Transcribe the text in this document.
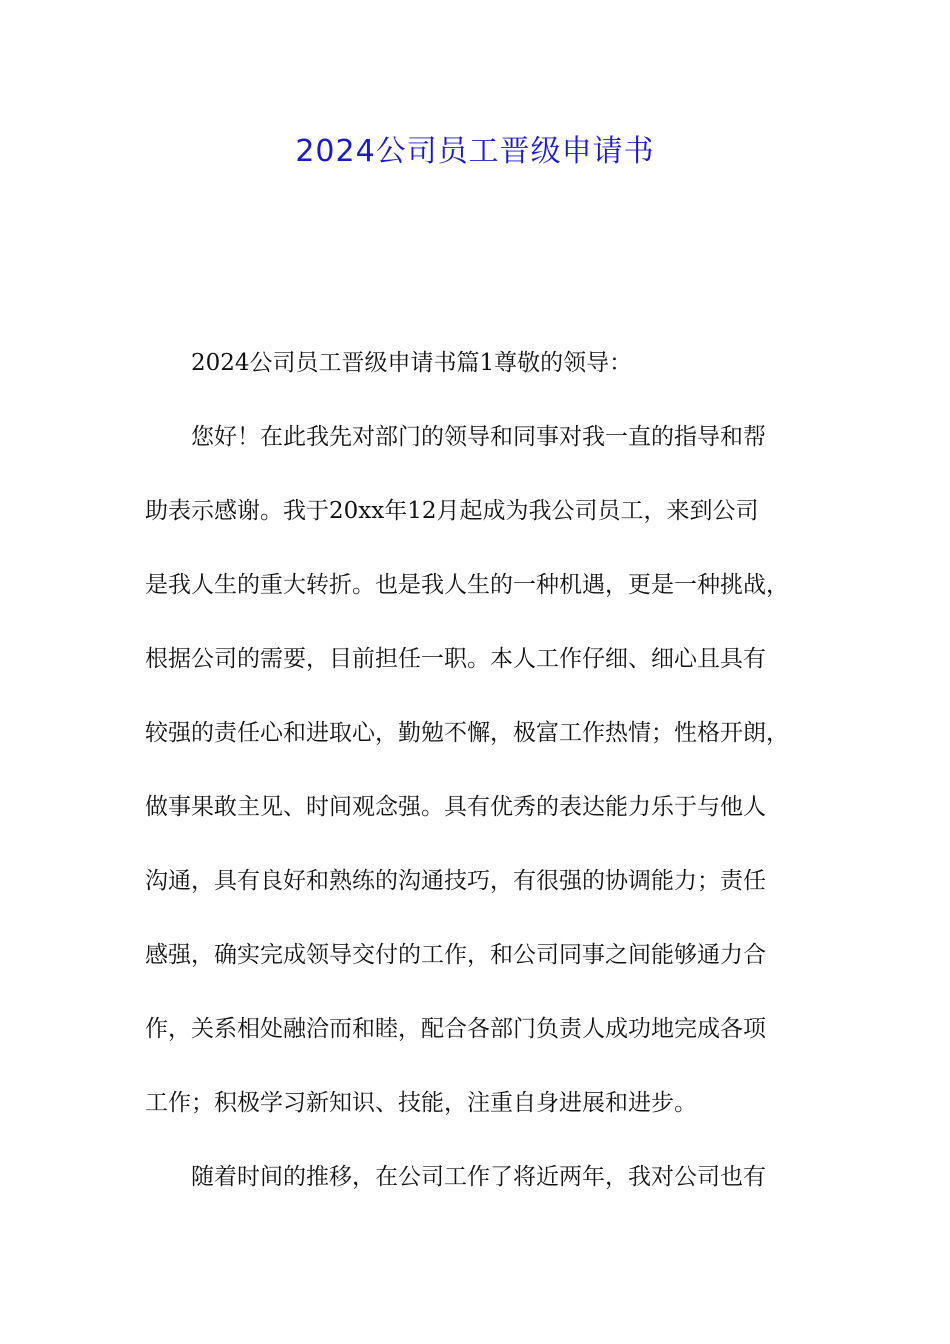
2024公司员工晋级申请书
2024公司员工晋级申请书篇1尊敬的领导：
您好！在此我先对部门的领导和同事对我一直的指导和帮
助表示感谢。我于20xx年12月起成为我公司员工，来到公司
是我人生的重大转折。也是我人生的一种机遇，更是一种挑战，
根据公司的需要，目前担任一职。本人工作仔细、细心且具有
较强的责任心和进取心，勤勉不懈，极富工作热情；性格开朗，
做事果敢主见、时间观念强。具有优秀的表达能力乐于与他人
沟通，具有良好和熟练的沟通技巧，有很强的协调能力；责任
感强，确实完成领导交付的工作，和公司同事之间能够通力合
作，关系相处融洽而和睦，配合各部门负责人成功地完成各项
工作；积极学习新知识、技能，注重自身进展和进步。
随着时间的推移，在公司工作了将近两年，我对公司也有
